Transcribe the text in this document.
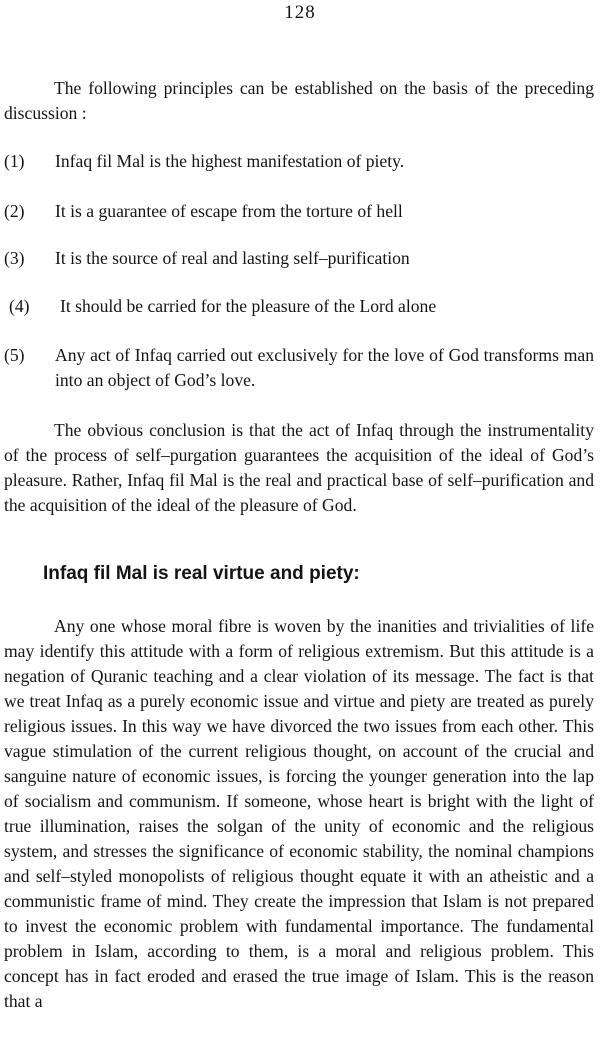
128

The following principles can be established on the basis of the preceding discussion :

(1)	Infaq fil Mal is the highest manifestation of piety.
(2)	It is a guarantee of escape from the torture of hell
(3)	It is the source of real and lasting self–purification
(4)	It should be carried for the pleasure of the Lord alone
(5)	Any act of Infaq carried out exclusively for the love of God transforms man into an object of God’s love.

The obvious conclusion is that the act of Infaq through the instrumentality of the process of self–purgation guarantees the acquisition of the ideal of God’s pleasure. Rather, Infaq fil Mal is the real and practical base of self–purification and the acquisition of the ideal of the pleasure of God.

Infaq fil Mal is real virtue and piety:

Any one whose moral fibre is woven by the inanities and trivialities of life may identify this attitude with a form of religious extremism. But this attitude is a negation of Quranic teaching and a clear violation of its message. The fact is that we treat Infaq as a purely economic issue and virtue and piety are treated as purely religious issues. In this way we have divorced the two issues from each other. This vague stimulation of the current religious thought, on account of the crucial and sanguine nature of economic issues, is forcing the younger generation into the lap of socialism and communism. If someone, whose heart is bright with the light of true illumination, raises the solgan of the unity of economic and the religious system, and stresses the significance of economic stability, the nominal champions and self–styled monopolists of religious thought equate it with an atheistic and a communistic frame of mind. They create the impression that Islam is not prepared to invest the economic problem with fundamental importance. The fundamental problem in Islam, according to them, is a moral and religious problem. This concept has in fact eroded and erased the true image of Islam. This is the reason that a
